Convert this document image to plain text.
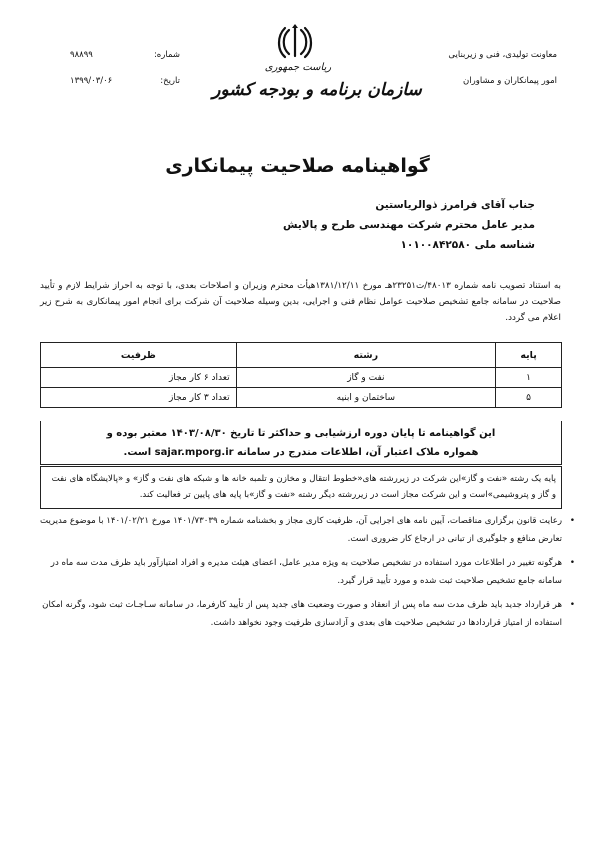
شماره:
۹۸۸۹۹
تاریخ:
۱۳۹۹/۰۳/۰۶
ریاست جمهوری
سازمان برنامه و بودجه کشور
معاونت تولیدی، فنی و زیربنایی
امور پیمانکاران و مشاوران
گواهینامه صلاحیت پیمانکاری
جناب آقای فرامرز ذوالریاستین
مدیر عامل محترم شرکت مهندسی طرح و پالایش
شناسه ملی ۱۰۱۰۰۸۴۲۵۸۰
به استناد تصویب نامه شماره ۴۸۰۱۳/ت۲۳۲۵۱هـ مورخ ۱۳۸۱/۱۲/۱۱هیأت محترم وزیران و اصلاحات بعدی، با توجه به احراز شرایط لازم و تأیید صلاحیت در سامانه جامع تشخیص صلاحیت عوامل نظام فنی و اجرایی، بدین وسیله صلاحیت آن شرکت برای انجام امور پیمانکاری به شرح زیر اعلام می گردد.
پایه	رشته	ظرفیت
۱	نفت و گاز	تعداد ۶ کار مجاز
۵	ساختمان و ابنیه	تعداد ۳ کار مجاز
این گواهینامه تا پایان دوره ارزشیابی و حداکثر تا تاریخ ۱۴۰۳/۰۸/۳۰ معتبر بوده و
همواره ملاک اعتبار آن، اطلاعات مندرج در سامانه sajar.mporg.ir است.
پایه یک رشته «نفت و گاز»این شرکت در زیررشته های«خطوط انتقال و مخازن و تلمبه خانه ها و شبکه های نفت و گاز» و «پالایشگاه های نفت و گاز و پتروشیمی»است و این شرکت مجاز است در زیررشته دیگر رشته «نفت و گاز»با پایه های پایین تر فعالیت کند.
•
رعایت قانون برگزاری مناقصات، آیین نامه های اجرایی آن، ظرفیت کاری مجاز و بخشنامه شماره ۱۴۰۱/۷۳۰۳۹ مورخ ۱۴۰۱/۰۲/۲۱ با موضوع مدیریت تعارض منافع و جلوگیری از تبانی در ارجاع کار ضروری است.
•
هرگونه تغییر در اطلاعات مورد استفاده در تشخیص صلاحیت به ویژه مدیر عامل، اعضای هیئت مدیره و افراد امتیازآور باید ظرف مدت سه ماه در سامانه جامع تشخیص صلاحیت ثبت شده و مورد تأیید قرار گیرد.
•
هر قرارداد جدید باید ظرف مدت سه ماه پس از انعقاد و صورت وضعیت های جدید پس از تأیید کارفرما، در سامانه سـاجـات ثبت شود، وگرنه امکان استفاده از امتیاز قراردادها در تشخیص صلاحیت های بعدی و آزادسازی ظرفیت وجود نخواهد داشت.
